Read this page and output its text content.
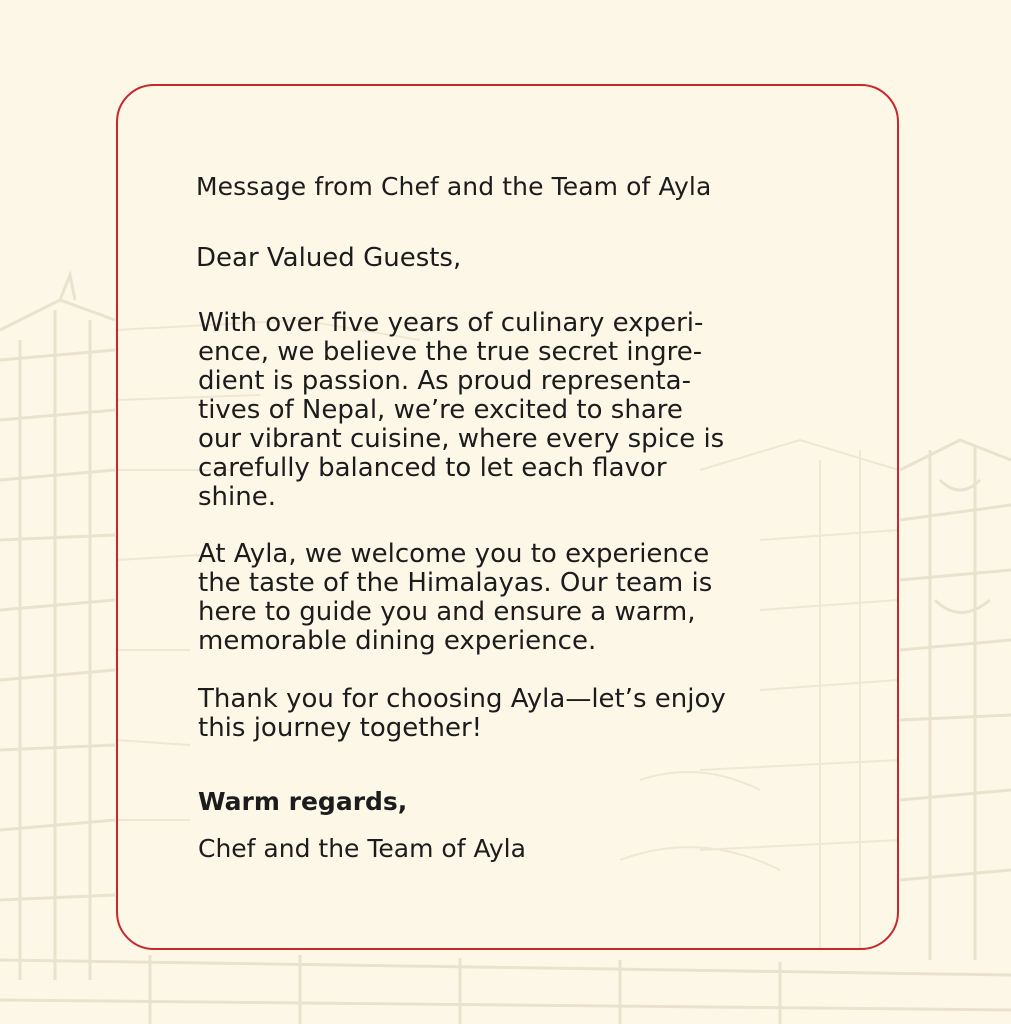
Message from Chef and the Team of Ayla

Dear Valued Guests,

With over five years of culinary experi-
ence, we believe the true secret ingre-
dient is passion. As proud representa-
tives of Nepal, we’re excited to share
our vibrant cuisine, where every spice is
carefully balanced to let each flavor
shine.

At Ayla, we welcome you to experience
the taste of the Himalayas. Our team is
here to guide you and ensure a warm,
memorable dining experience.

Thank you for choosing Ayla—let’s enjoy
this journey together!

Warm regards,

Chef and the Team of Ayla
